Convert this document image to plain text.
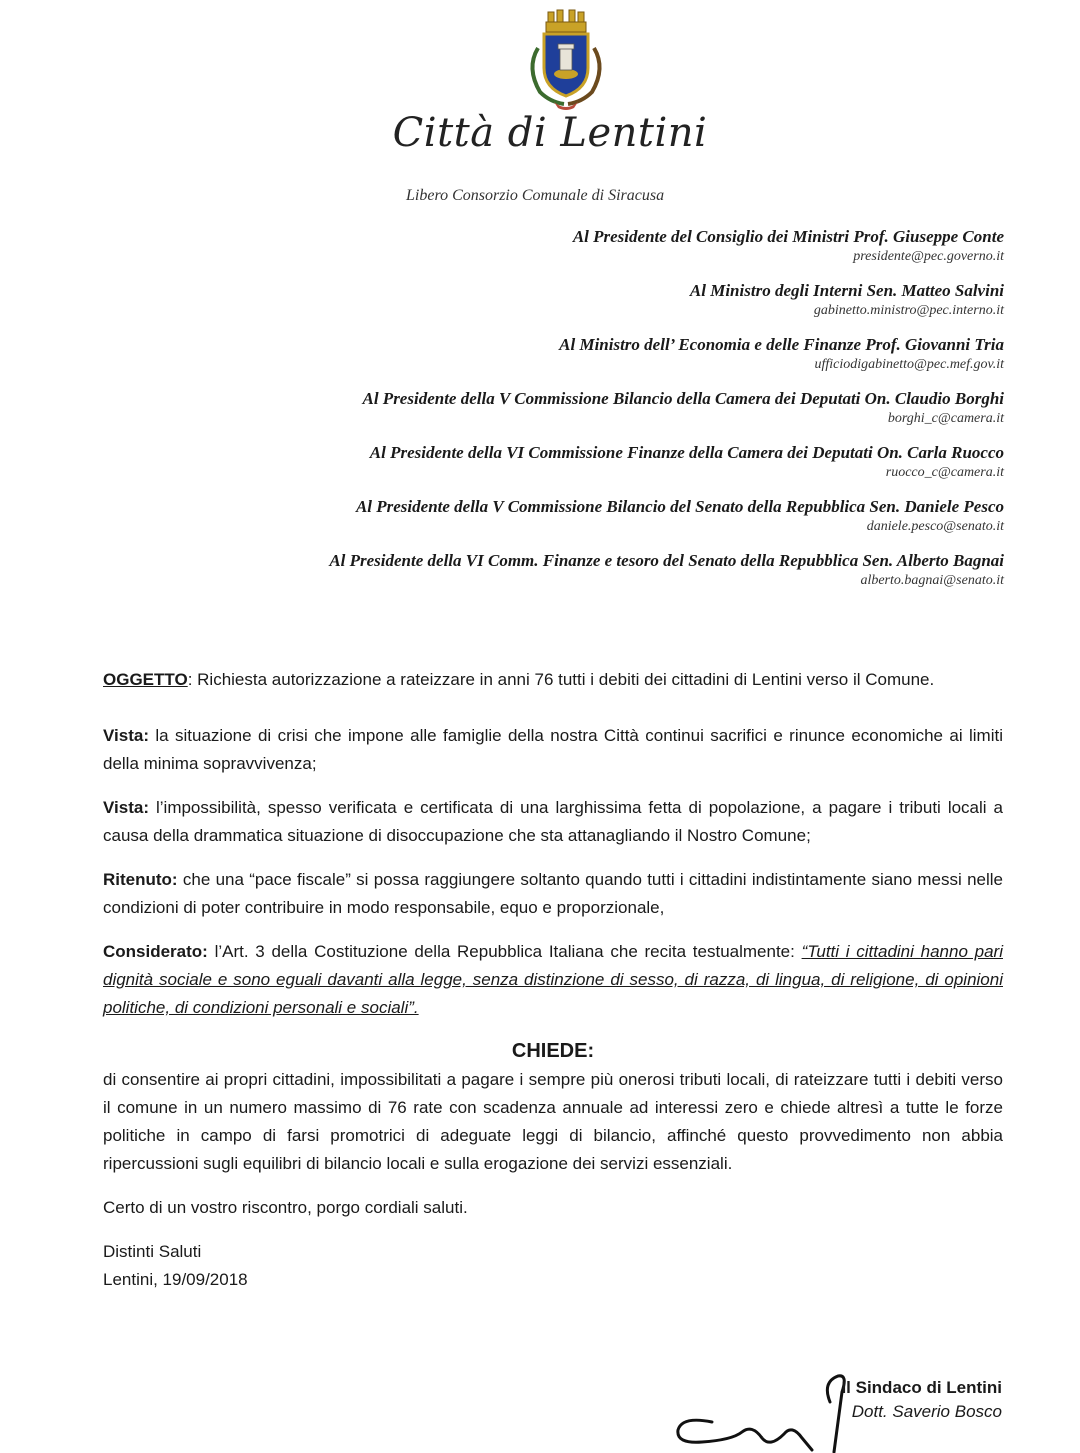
Città di Lentini
Libero Consorzio Comunale di Siracusa
Al Presidente del Consiglio dei Ministri Prof. Giuseppe Conte
presidente@pec.governo.it
Al Ministro degli Interni Sen. Matteo Salvini
gabinetto.ministro@pec.interno.it
Al Ministro dell’ Economia e delle Finanze Prof. Giovanni Tria
ufficiodigabinetto@pec.mef.gov.it
Al Presidente della V Commissione Bilancio della Camera dei Deputati On. Claudio Borghi
borghi_c@camera.it
Al Presidente della VI Commissione Finanze della Camera dei Deputati On. Carla Ruocco
ruocco_c@camera.it
Al Presidente della V Commissione Bilancio del Senato della Repubblica Sen. Daniele Pesco
daniele.pesco@senato.it
Al Presidente della VI Comm. Finanze e tesoro del Senato della Repubblica Sen. Alberto Bagnai
alberto.bagnai@senato.it

OGGETTO: Richiesta autorizzazione a rateizzare in anni 76 tutti i debiti dei cittadini di Lentini verso il Comune.

Vista: la situazione di crisi che impone alle famiglie della nostra Città continui sacrifici e rinunce economiche ai limiti della minima sopravvivenza;

Vista: l’impossibilità, spesso verificata e certificata di una larghissima fetta di popolazione, a pagare i tributi locali a causa della drammatica situazione di disoccupazione che sta attanagliando il Nostro Comune;

Ritenuto: che una “pace fiscale” si possa raggiungere soltanto quando tutti i cittadini indistintamente siano messi nelle condizioni di poter contribuire in modo responsabile, equo e proporzionale,

Considerato: l’Art. 3 della Costituzione della Repubblica Italiana che recita testualmente: “Tutti i cittadini hanno pari dignità sociale e sono eguali davanti alla legge, senza distinzione di sesso, di razza, di lingua, di religione, di opinioni politiche, di condizioni personali e sociali”.

CHIEDE:

di consentire ai propri cittadini, impossibilitati a pagare i sempre più onerosi tributi locali, di rateizzare tutti i debiti verso il comune in un numero massimo di 76 rate con scadenza annuale ad interessi zero e chiede altresì a tutte le forze politiche in campo di farsi promotrici di adeguate leggi di bilancio, affinché questo provvedimento non abbia ripercussioni sugli equilibri di bilancio locali e sulla erogazione dei servizi essenziali.

Certo di un vostro riscontro, porgo cordiali saluti.

Distinti Saluti

Lentini, 19/09/2018

Il Sindaco di Lentini
Dott. Saverio Bosco
